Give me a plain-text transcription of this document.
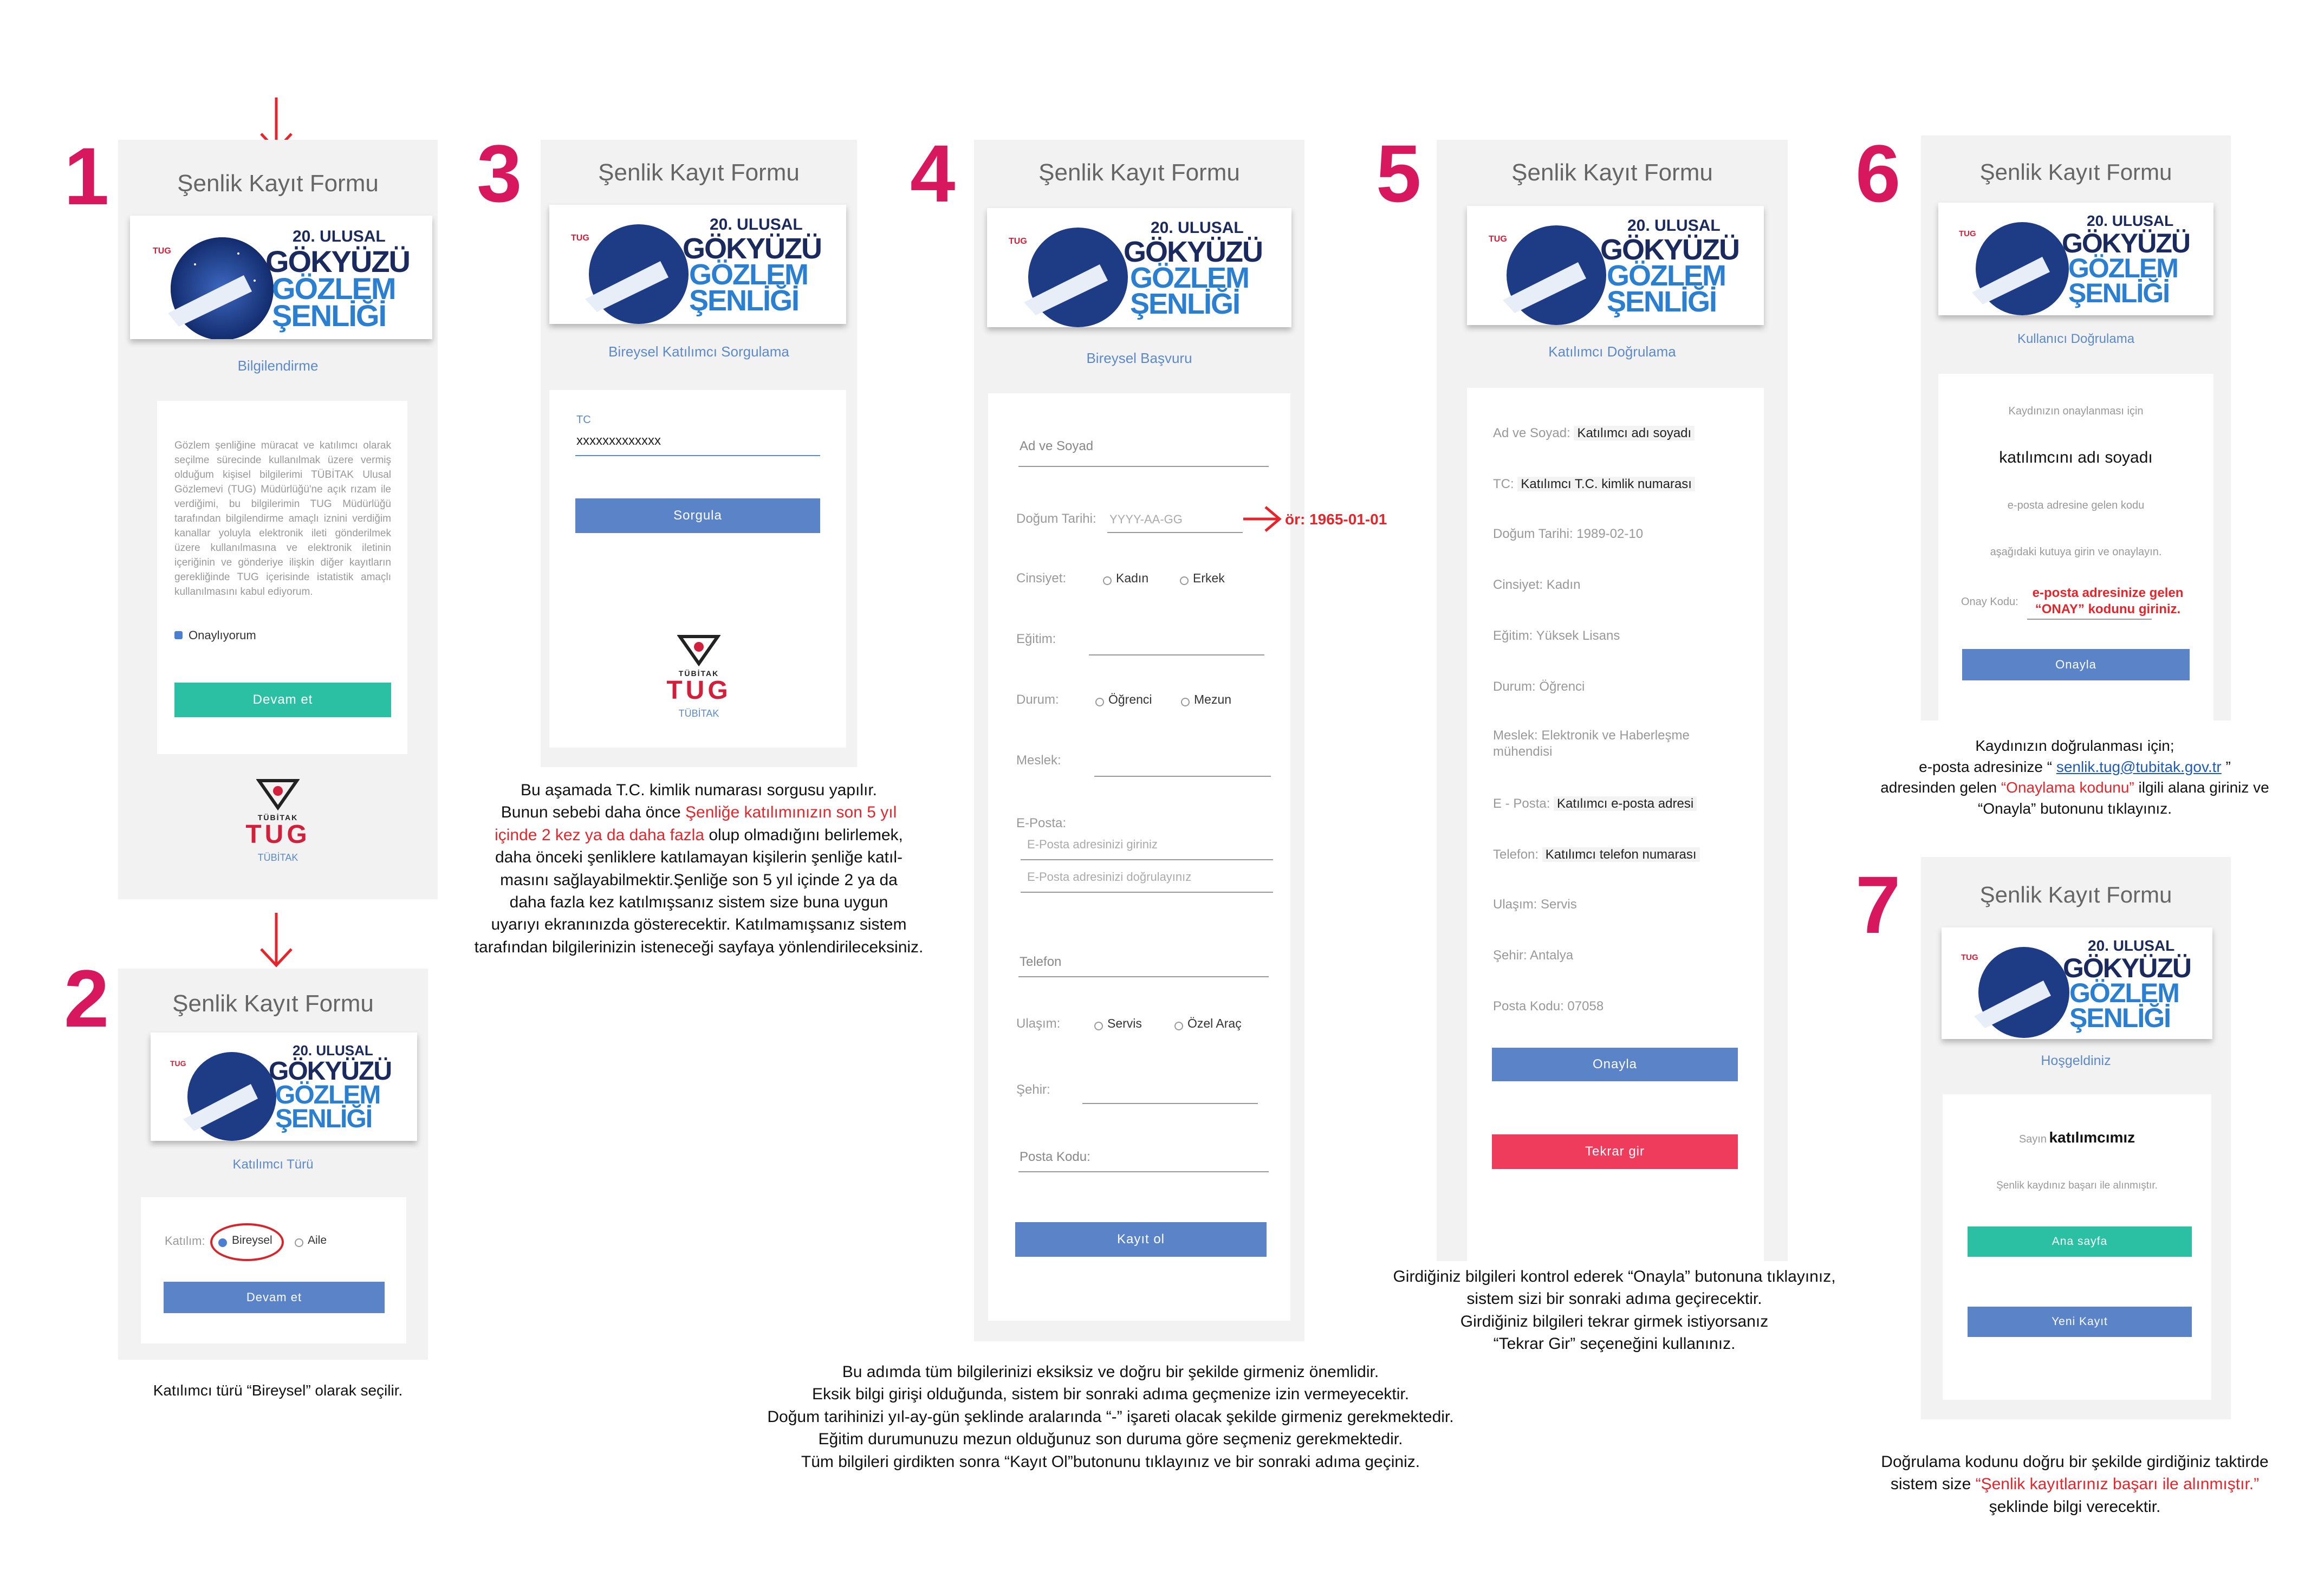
1
2
3	4	5	6
7
Şenlik Kayıt Formu
TUG
20. ULUSAL
GÖKYÜZÜ
GÖZLEM
ŞENLİĞİ
Bilgilendirme
Gözlem şenliğine müracat ve katılımcı olarak seçilme sürecinde kullanılmak üzere vermiş olduğum kişisel bilgilerimi TÜBİTAK Ulusal Gözlemevi (TUG) Müdürlüğü'ne açık rızam ile verdiğimi, bu bilgilerimin TUG Müdürlüğü tarafından bilgilendirme amaçlı iznini verdiğim kanallar yoluyla elektronik ileti gönderilmek üzere kullanılmasına ve elektronik iletinin içeriğinin ve gönderiye ilişkin diğer kayıtların gerekliğinde TUG içerisinde istatistik amaçlı kullanılmasını kabul ediyorum.
Onaylıyorum
Devam et
TÜBİTAK
TUG
TÜBİTAK
Şenlik Kayıt Formu
TUG
20. ULUSAL
GÖKYÜZÜ
GÖZLEM
ŞENLİĞİ
Katılımcı Türü
Katılım: Bireysel	Aile
Devam et
Katılımcı türü “Bireysel” olarak seçilir.
Şenlik Kayıt Formu
TUG
20. ULUSAL
GÖKYÜZÜ
GÖZLEM
ŞENLİĞİ
Bireysel Katılımcı Sorgulama
TC
xxxxxxxxxxxxx
Sorgula
TÜBİTAK
TUG
TÜBİTAK
Bu aşamada T.C. kimlik numarası sorgusu yapılır.
Bunun sebebi daha önce Şenliğe katılımınızın son 5 yıl
içinde 2 kez ya da daha fazla olup olmadığını belirlemek,
daha önceki şenliklere katılamayan kişilerin şenliğe katıl-
masını sağlayabilmektir.Şenliğe son 5 yıl içinde 2 ya da
daha fazla kez katılmışsanız sistem size buna uygun
uyarıyı ekranınızda gösterecektir. Katılmamışsanız sistem
tarafından bilgilerinizin isteneceği sayfaya yönlendirileceksiniz.
Şenlik Kayıt Formu
TUG
20. ULUSAL
GÖKYÜZÜ
GÖZLEM
ŞENLİĞİ
Bireysel Başvuru
Ad ve Soyad
Doğum Tarihi: YYYY-AA-GG
Cinsiyet:	Kadın	Erkek
Eğitim:
Durum:	Öğrenci	Mezun
Meslek:
E-Posta:
E-Posta adresinizi giriniz
E-Posta adresinizi doğrulayınız
Telefon
Ulaşım:	Servis	Özel Araç
Şehir:
Posta Kodu:
Kayıt ol
ör: 1965-01-01
Bu adımda tüm bilgilerinizi eksiksiz ve doğru bir şekilde girmeniz önemlidir.
Eksik bilgi girişi olduğunda, sistem bir sonraki adıma geçmenize izin vermeyecektir.
Doğum tarihinizi yıl-ay-gün şeklinde aralarında “-” işareti olacak şekilde girmeniz gerekmektedir.
Eğitim durumunuzu mezun olduğunuz son duruma göre seçmeniz gerekmektedir.
Tüm bilgileri girdikten sonra “Kayıt Ol”butonunu tıklayınız ve bir sonraki adıma geçiniz.
Şenlik Kayıt Formu
TUG
20. ULUSAL
GÖKYÜZÜ
GÖZLEM
ŞENLİĞİ
Katılımcı Doğrulama
Ad ve Soyad: Katılımcı adı soyadı
TC: Katılımcı T.C. kimlik numarası
Doğum Tarihi: 1989-02-10
Cinsiyet: Kadın
Eğitim: Yüksek Lisans
Durum: Öğrenci
Meslek: Elektronik ve Haberleşme
mühendisi
E - Posta: Katılımcı e-posta adresi
Telefon: Katılımcı telefon numarası
Ulaşım: Servis
Şehir: Antalya
Posta Kodu: 07058
Onayla
Tekrar gir
Girdiğiniz bilgileri kontrol ederek “Onayla” butonuna tıklayınız,
sistem sizi bir sonraki adıma geçirecektir.
Girdiğiniz bilgileri tekrar girmek istiyorsanız
“Tekrar Gir” seçeneğini kullanınız.
Şenlik Kayıt Formu
TUG
20. ULUSAL
GÖKYÜZÜ
GÖZLEM
ŞENLİĞİ
Kullanıcı Doğrulama
Kaydınızın onaylanması için
katılımcını adı soyadı
e-posta adresine gelen kodu
aşağıdaki kutuya girin ve onaylayın.
Onay Kodu:
e-posta adresinize gelen
“ONAY” kodunu giriniz.
Onayla
Kaydınızın doğrulanması için;
e-posta adresinize “ senlik.tug@tubitak.gov.tr ”
adresinden gelen “Onaylama kodunu” ilgili alana giriniz ve
“Onayla” butonunu tıklayınız.
Şenlik Kayıt Formu
TUG
20. ULUSAL
GÖKYÜZÜ
GÖZLEM
ŞENLİĞİ
Hoşgeldiniz
Sayın katılımcımız
Şenlik kaydınız başarı ile alınmıştır.
Ana sayfa
Yeni Kayıt
Doğrulama kodunu doğru bir şekilde girdiğiniz taktirde
sistem size “Şenlik kayıtlarınız başarı ile alınmıştır.”
şeklinde bilgi verecektir.
